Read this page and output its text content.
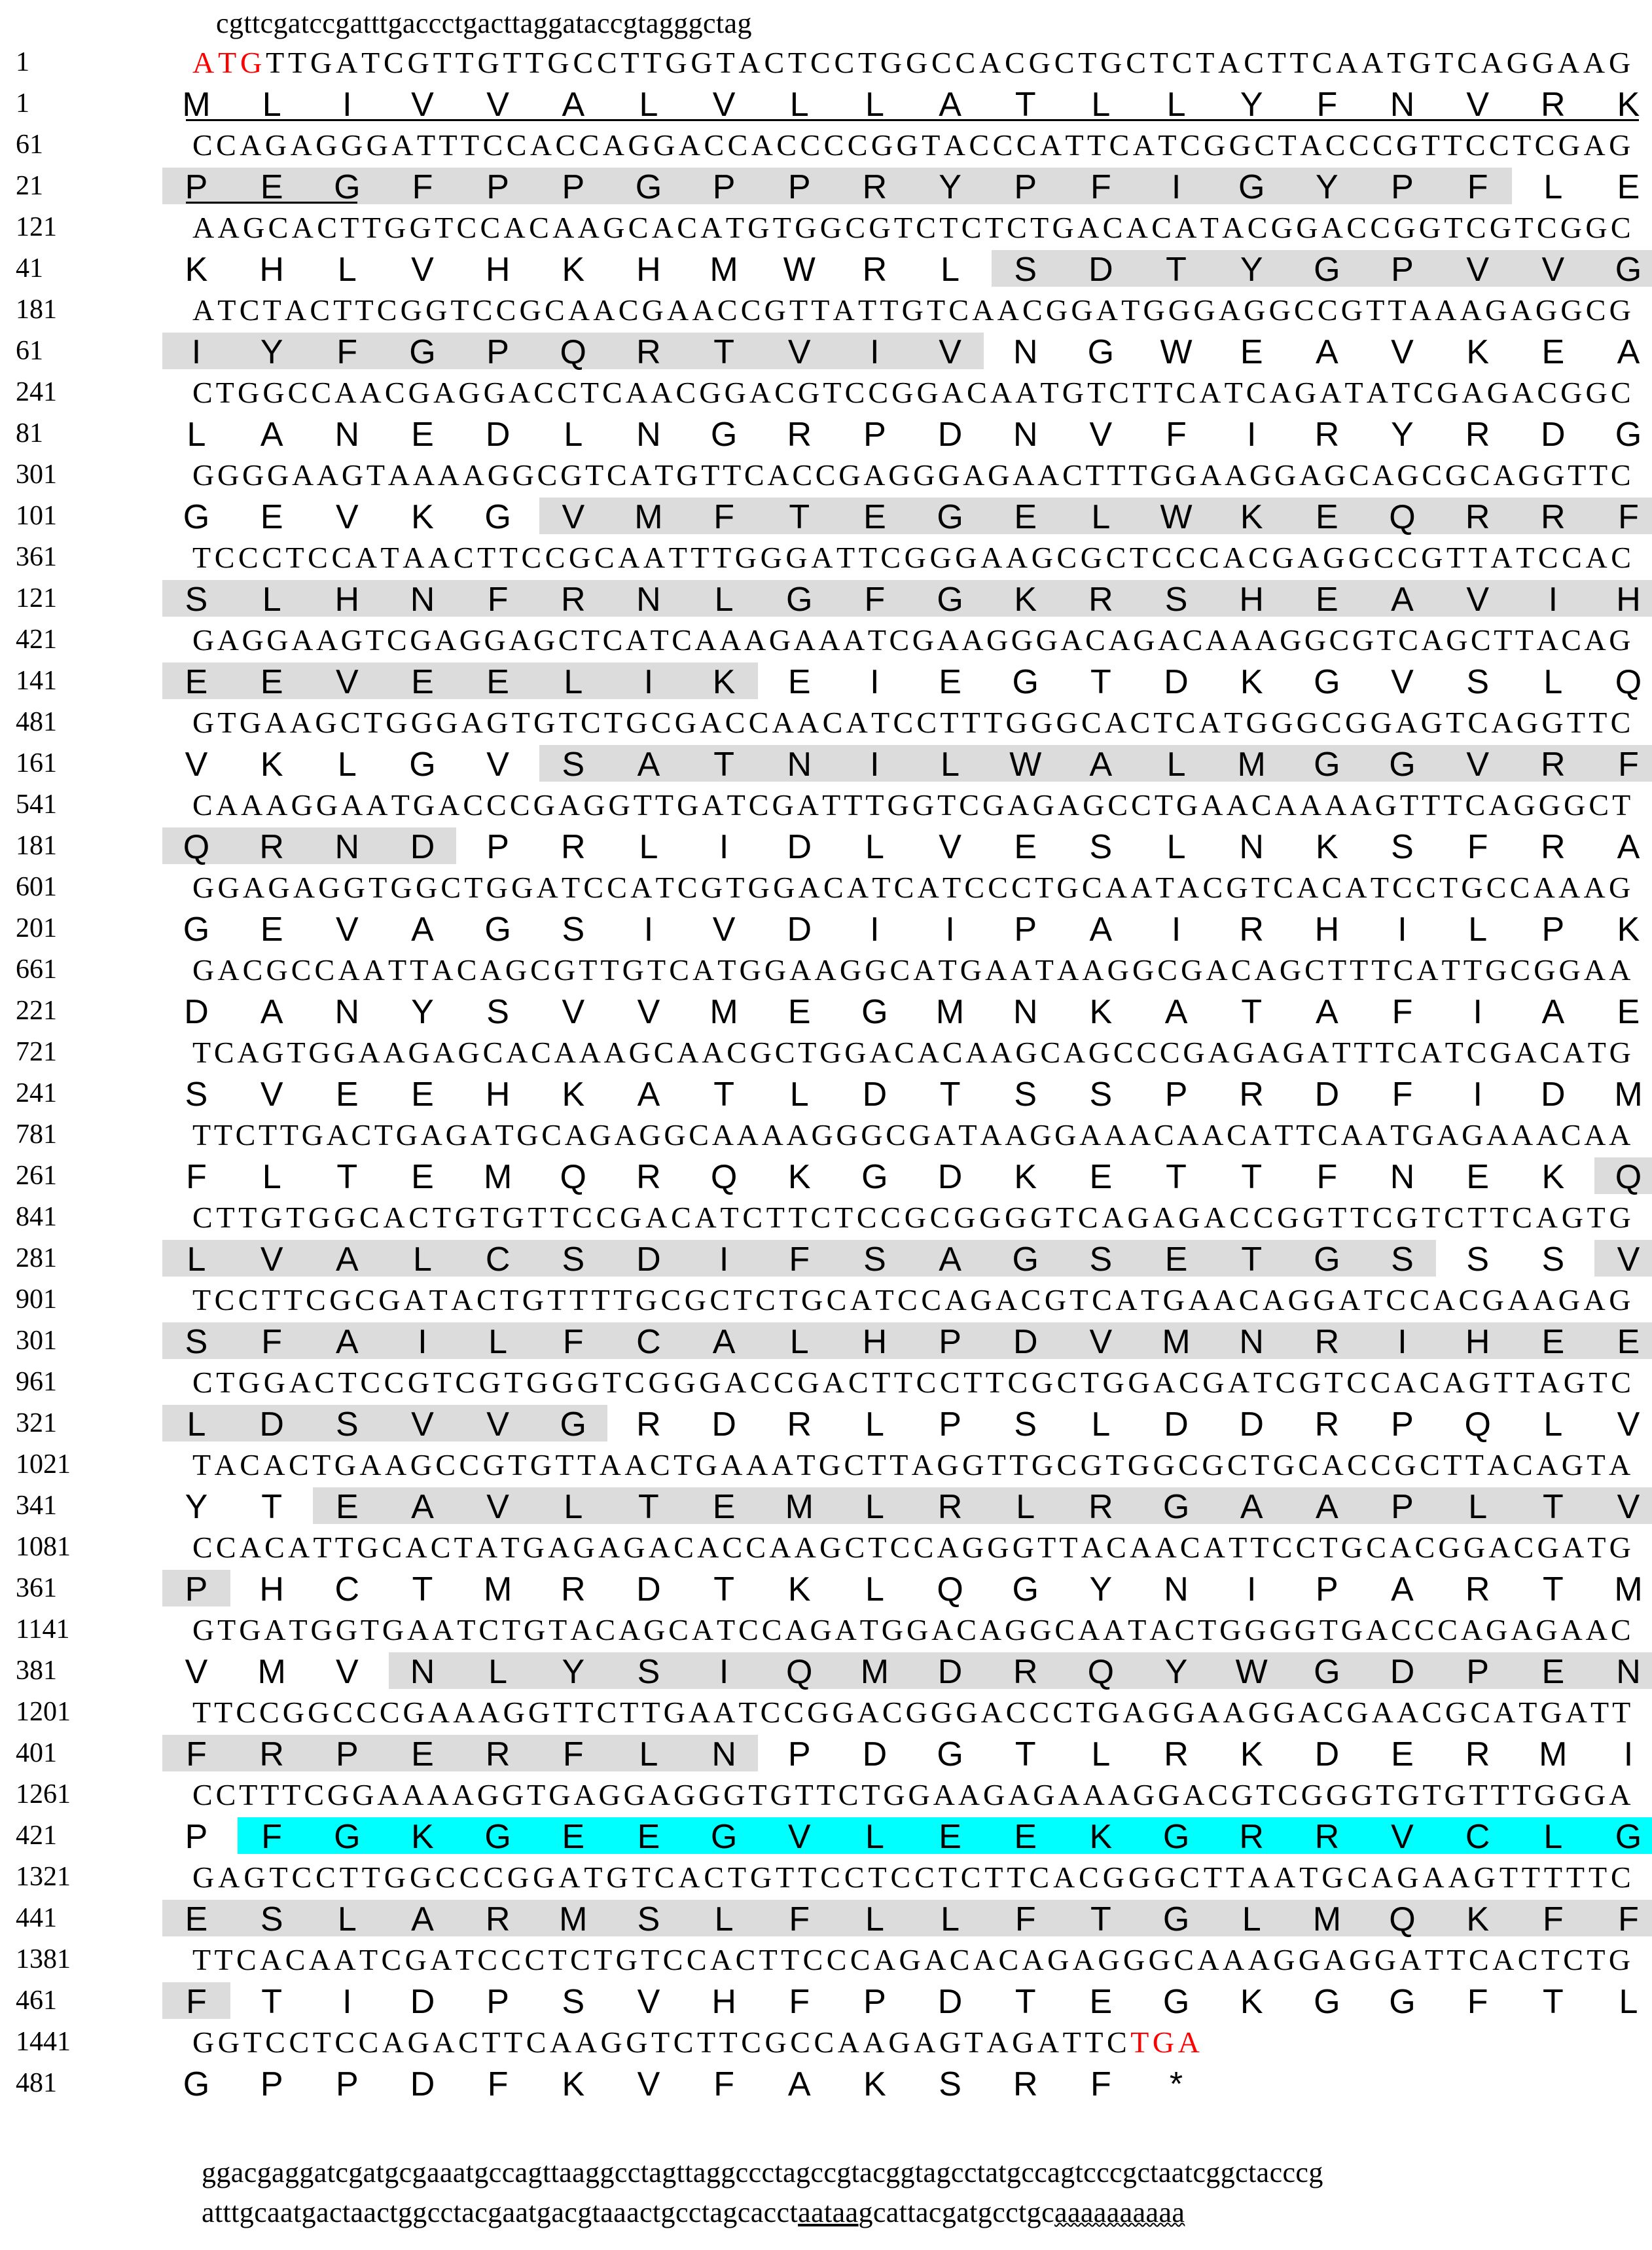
cgttcgatccgatttgaccctgacttaggataccgtagggctag
1	A T G T T G A T C G T T G T T G C C T T G G T A C T C C T G G C C A C G C T G C T C T A C T T C A A T G T C A G G A A G
1	M L	I	V V A L V L L A T L L Y F N V R K
61	C C A G A G G G A T T T C C A C C A G G A C C A C C C C G G T A C C C A T T C A T C G G C T A C C C G T T C C T C G A G
21	P E G F P P G P P R Y P F	I	G Y P F L E
121	A A G C A C T T G G T C C A C A A G C A C A T G T G G C G T C T C T C T G A C A C A T A C G G A C C G G T C G T C G G C
41	K H L V H K H M W R L S D T Y G P V V G
181	A T C T A C T T C G G T C C G C A A C G A A C C G T T A T T G T C A A C G G A T G G G A G G C C G T T A A A G A G G C G
61	I	Y F G P Q R T V	I	V N G W E A V K E A
241	C T G G C C A A C G A G G A C C T C A A C G G A C G T C C G G A C A A T G T C T T C A T C A G A T A T C G A G A C G G C
81	L A N E D L N G R P D N V F	I	R Y R D G
301	G G G G A A G T A A A A G G C G T C A T G T T C A C C G A G G G A G A A C T T T G G A A G G A G C A G C G C A G G T T C
101	G E V K G V M F T E G E L W K E Q R R F
361	T C C C T C C A T A A C T T C C G C A A T T T G G G A T T C G G G A A G C G C T C C C A C G A G G C C G T T A T C C A C
121	S L H N F R N L G F G K R S H E A V	I	H
421	G A G G A A G T C G A G G A G C T C A T C A A A G A A A T C G A A G G G A C A G A C A A A G G C G T C A G C T T A C A G
141	E E V E E L	I	K E	I	E G T D K G V S L Q
481	G T G A A G C T G G G A G T G T C T G C G A C C A A C A T C C T T T G G G C A C T C A T G G G C G G A G T C A G G T T C
161	V K L G V S A T N	I	L W A L M G G V R F
541	C A A A G G A A T G A C C C G A G G T T G A T C G A T T T G G T C G A G A G C C T G A A C A A A A G T T T C A G G G C T
181	Q R N D P R L	I	D L V E S L N K S F R A
601	G G A G A G G T G G C T G G A T C C A T C G T G G A C A T C A T C C C T G C A A T A C G T C A C A T C C T G C C A A A G
201	G E V A G S	I	V D	I	I	P A	I	R H	I	L P K
661	G A C G C C A A T T A C A G C G T T G T C A T G G A A G G C A T G A A T A A G G C G A C A G C T T T C A T T G C G G A A
221	D A N Y S V V M E G M N K A T A F	I	A E
721	T C A G T G G A A G A G C A C A A A G C A A C G C T G G A C A C A A G C A G C C C G A G A G A T T T C A T C G A C A T G
241	S V E E H K A T L D T S S P R D F	I	D M
781	T T C T T G A C T G A G A T G C A G A G G C A A A A G G G C G A T A A G G A A A C A A C A T T C A A T G A G A A A C A A
261	F L T E M Q R Q K G D K E T T F N E K Q
841	C T T G T G G C A C T G T G T T C C G A C A T C T T C T C C G C G G G G T C A G A G A C C G G T T C G T C T T C A G T G
281	L V A L C S D	I	F S A G S E T G S S S V
901	T C C T T C G C G A T A C T G T T T T G C G C T C T G C A T C C A G A C G T C A T G A A C A G G A T C C A C G A A G A G
301	S F A	I	L F C A L H P D V M N R	I	H E E
961	C T G G A C T C C G T C G T G G G T C G G G A C C G A C T T C C T T C G C T G G A C G A T C G T C C A C A G T T A G T C
321	L D S V V G R D R L P S L D D R P Q L V
1021	T A C A C T G A A G C C G T G T T A A C T G A A A T G C T T A G G T T G C G T G G C G C T G C A C C G C T T A C A G T A
341	Y T E A V L T E M L R L R G A A P L T V
1081	C C A C A T T G C A C T A T G A G A G A C A C C A A G C T C C A G G G T T A C A A C A T T C C T G C A C G G A C G A T G
361	P H C T M R D T K L Q G Y N	I	P A R T M
1141	G T G A T G G T G A A T C T G T A C A G C A T C C A G A T G G A C A G G C A A T A C T G G G G T G A C C C A G A G A A C
381	V M V N L Y S	I	Q M D R Q Y W G D P E N
1201	T T C C G G C C C G A A A G G T T C T T G A A T C C G G A C G G G A C C C T G A G G A A G G A C G A A C G C A T G A T T
401	F R P E R F L N P D G T L R K D E R M	I
1261	C C T T T C G G A A A A G G T G A G G A G G G T G T T C T G G A A G A G A A A G G A C G T C G G G T G T G T T T G G G A
421	P F G K G E E G V L E E K G R R V C L G
1321	G A G T C C T T G G C C C G G A T G T C A C T G T T C C T C C T C T T C A C G G G C T T A A T G C A G A A G T T T T T C
441	E S L A R M S L F L L F T G L M Q K F F
1381	T T C A C A A T C G A T C C C T C T G T C C A C T T C C C A G A C A C A G A G G G C A A A G G A G G A T T C A C T C T G
461	F T	I	D P S V H F P D T E G K G G F T L
1441	G G T C C T C C A G A C T T C A A G G T C T T C G C C A A G A G T A G A T T C T G A
481	G P P D F K V F A K S R F	*
ggacgaggatcgatgcgaaatgccagttaaggcctagttaggccctagccgtacggtagcctatgccagtcccgctaatcggctacccg
atttgcaatgactaactggcctacgaatgacgtaaactgcctagcacctaataagcattacgatgcctgcaaaaaaaaaa
